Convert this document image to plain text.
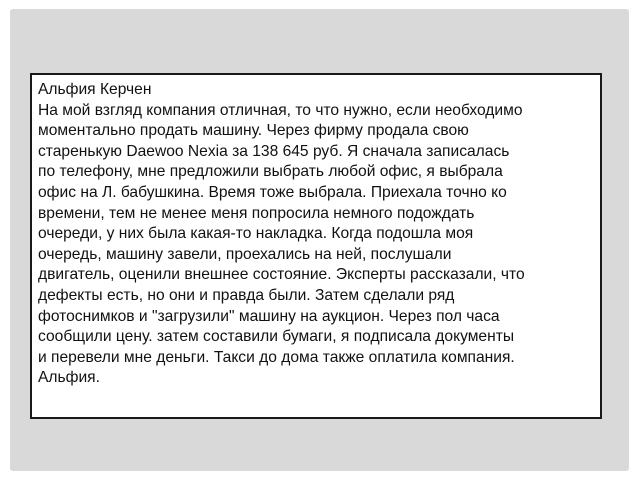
Альфия Керчен
На мой взгляд компания отличная, то что нужно, если необходимо
моментально продать машину. Через фирму продала свою
старенькую Daewoo Nexia за 138 645 руб. Я сначала записалась
по телефону, мне предложили выбрать любой офис, я выбрала
офис на Л. бабушкина. Время тоже выбрала. Приехала точно ко
времени, тем не менее меня попросила немного подождать
очереди, у них была какая-то накладка. Когда подошла моя
очередь, машину завели, проехались на ней, послушали
двигатель, оценили внешнее состояние. Эксперты рассказали, что
дефекты есть, но они и правда были. Затем сделали ряд
фотоснимков и "загрузили" машину на аукцион. Через пол часа
сообщили цену. затем составили бумаги, я подписала документы
и перевели мне деньги. Такси до дома также оплатила компания.
Альфия.
